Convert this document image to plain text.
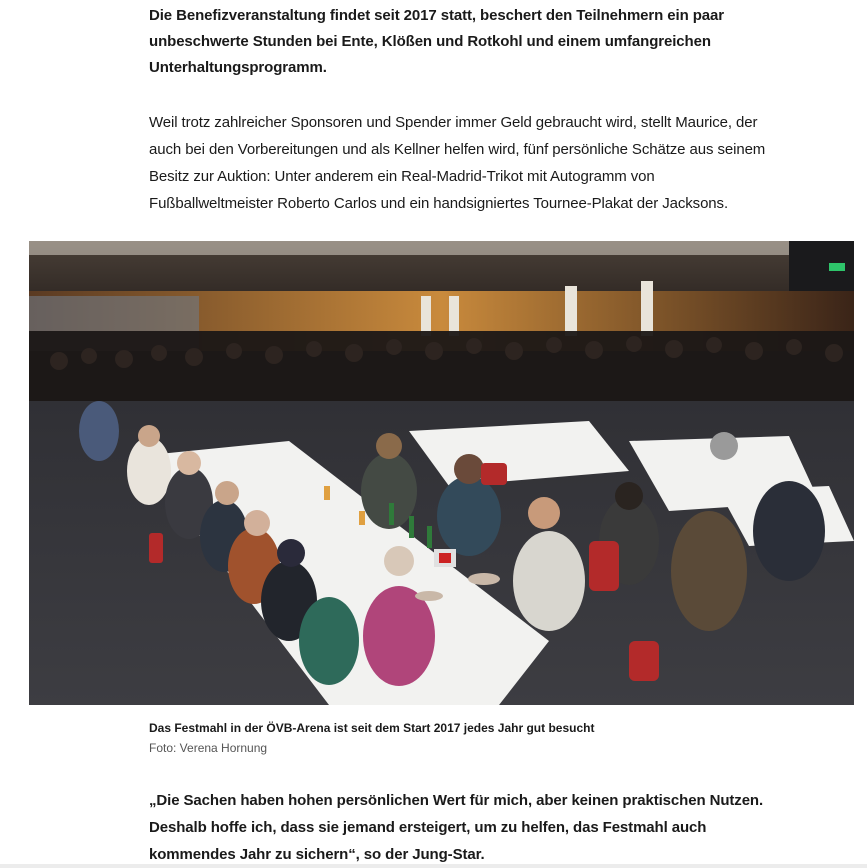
Die Benefizveranstaltung findet seit 2017 statt, beschert den Teilnehmern ein paar unbeschwerte Stunden bei Ente, Klößen und Rotkohl und einem umfangreichen Unterhaltungsprogramm.

Weil trotz zahlreicher Sponsoren und Spender immer Geld gebraucht wird, stellt Maurice, der auch bei den Vorbereitungen und als Kellner helfen wird, fünf persönliche Schätze aus seinem Besitz zur Auktion: Unter anderem ein Real-Madrid-Trikot mit Autogramm von Fußballweltmeister Roberto Carlos und ein handsigniertes Tournee-Plakat der Jacksons.

Das Festmahl in der ÖVB-Arena ist seit dem Start 2017 jedes Jahr gut besucht

Foto: Verena Hornung

„Die Sachen haben hohen persönlichen Wert für mich, aber keinen praktischen Nutzen. Deshalb hoffe ich, dass sie jemand ersteigert, um zu helfen, das Festmahl auch kommendes Jahr zu sichern“, so der Jung-Star.
